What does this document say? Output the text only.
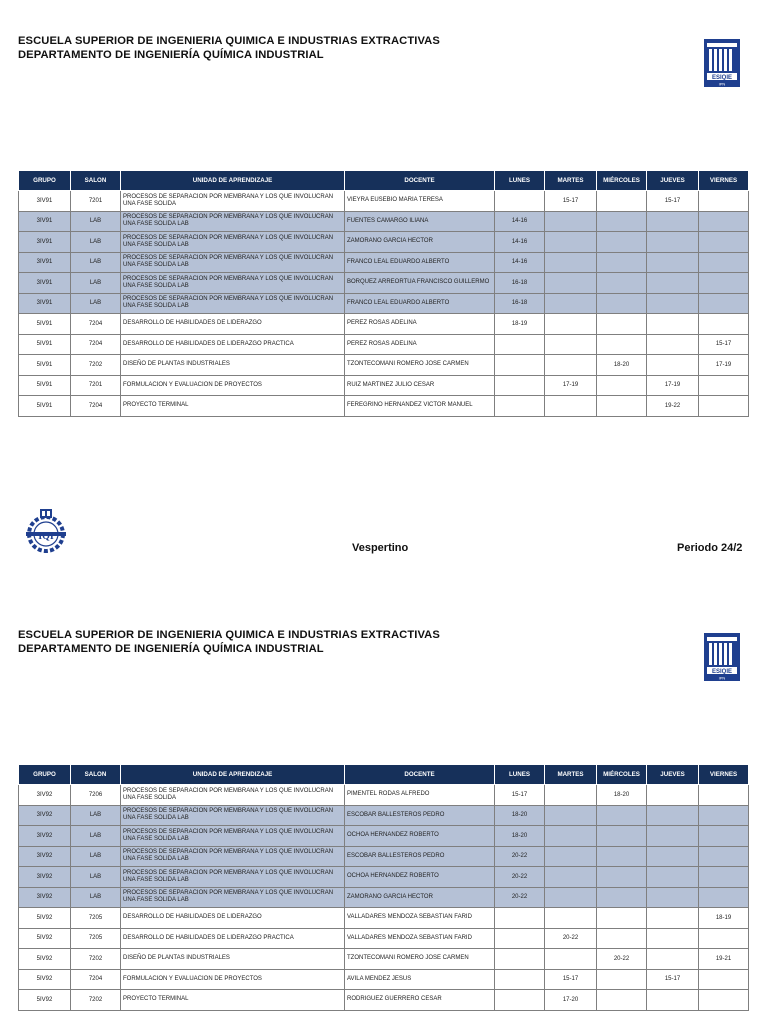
ESCUELA SUPERIOR DE INGENIERIA QUIMICA E INDUSTRIAS EXTRACTIVAS
DEPARTAMENTO DE INGENIERÍA QUÍMICA INDUSTRIAL
ESIQIE
IPN
GRUPO	SALON	UNIDAD DE APRENDIZAJE	DOCENTE	LUNES	MARTES	MIÉRCOLES	JUEVES	VIERNES
3IV91	7201	PROCESOS DE SEPARACION POR MEMBRANA Y LOS QUE INVOLUCRAN UNA FASE SOLIDA	VIEYRA EUSEBIO MARIA TERESA		15-17		15-17	
3IV91	LAB	PROCESOS DE SEPARACION POR MEMBRANA Y LOS QUE INVOLUCRAN UNA FASE SOLIDA LAB	FUENTES CAMARGO ILIANA	14-16				
3IV91	LAB	PROCESOS DE SEPARACION POR MEMBRANA Y LOS QUE INVOLUCRAN UNA FASE SOLIDA LAB	ZAMORANO GARCIA HECTOR	14-16				
3IV91	LAB	PROCESOS DE SEPARACION POR MEMBRANA Y LOS QUE INVOLUCRAN UNA FASE SOLIDA LAB	FRANCO LEAL EDUARDO ALBERTO	14-16				
3IV91	LAB	PROCESOS DE SEPARACION POR MEMBRANA Y LOS QUE INVOLUCRAN UNA FASE SOLIDA LAB	BORQUEZ ARREORTUA FRANCISCO GUILLERMO	16-18				
3IV91	LAB	PROCESOS DE SEPARACION POR MEMBRANA Y LOS QUE INVOLUCRAN UNA FASE SOLIDA LAB	FRANCO LEAL EDUARDO ALBERTO	16-18				
5IV91	7204	DESARROLLO DE HABILIDADES DE LIDERAZGO	PEREZ ROSAS ADELINA	18-19				
5IV91	7204	DESARROLLO DE HABILIDADES DE LIDERAZGO PRACTICA	PEREZ ROSAS ADELINA					15-17
5IV91	7202	DISEÑO DE PLANTAS INDUSTRIALES	TZONTECOMANI ROMERO JOSE CARMEN			18-20		17-19
5IV91	7201	FORMULACION Y EVALUACION DE PROYECTOS	RUIZ MARTINEZ JULIO CESAR		17-19		17-19	
5IV91	7204	PROYECTO TERMINAL	FEREGRINO HERNANDEZ VICTOR MANUEL				19-22	
IQI
Vespertino	Periodo 24/2
ESCUELA SUPERIOR DE INGENIERIA QUIMICA E INDUSTRIAS EXTRACTIVAS
DEPARTAMENTO DE INGENIERÍA QUÍMICA INDUSTRIAL
ESIQIE
IPN
GRUPO	SALON	UNIDAD DE APRENDIZAJE	DOCENTE	LUNES	MARTES	MIÉRCOLES	JUEVES	VIERNES
3IV92	7206	PROCESOS DE SEPARACION POR MEMBRANA Y LOS QUE INVOLUCRAN UNA FASE SOLIDA	PIMENTEL RODAS ALFREDO	15-17		18-20		
3IV92	LAB	PROCESOS DE SEPARACION POR MEMBRANA Y LOS QUE INVOLUCRAN UNA FASE SOLIDA LAB	ESCOBAR BALLESTEROS PEDRO	18-20				
3IV92	LAB	PROCESOS DE SEPARACION POR MEMBRANA Y LOS QUE INVOLUCRAN UNA FASE SOLIDA LAB	OCHOA HERNANDEZ ROBERTO	18-20				
3IV92	LAB	PROCESOS DE SEPARACION POR MEMBRANA Y LOS QUE INVOLUCRAN UNA FASE SOLIDA LAB	ESCOBAR BALLESTEROS PEDRO	20-22				
3IV92	LAB	PROCESOS DE SEPARACION POR MEMBRANA Y LOS QUE INVOLUCRAN UNA FASE SOLIDA LAB	OCHOA HERNANDEZ ROBERTO	20-22				
3IV92	LAB	PROCESOS DE SEPARACION POR MEMBRANA Y LOS QUE INVOLUCRAN UNA FASE SOLIDA LAB	ZAMORANO GARCIA HECTOR	20-22				
5IV92	7205	DESARROLLO DE HABILIDADES DE LIDERAZGO	VALLADARES MENDOZA SEBASTIAN FARID					18-19
5IV92	7205	DESARROLLO DE HABILIDADES DE LIDERAZGO PRACTICA	VALLADARES MENDOZA SEBASTIAN FARID		20-22			
5IV92	7202	DISEÑO DE PLANTAS INDUSTRIALES	TZONTECOMANI ROMERO JOSE CARMEN			20-22		19-21
5IV92	7204	FORMULACION Y EVALUACION DE PROYECTOS	AVILA MENDEZ JESUS		15-17		15-17	
5IV92	7202	PROYECTO TERMINAL	RODRIGUEZ GUERRERO CESAR		17-20			
